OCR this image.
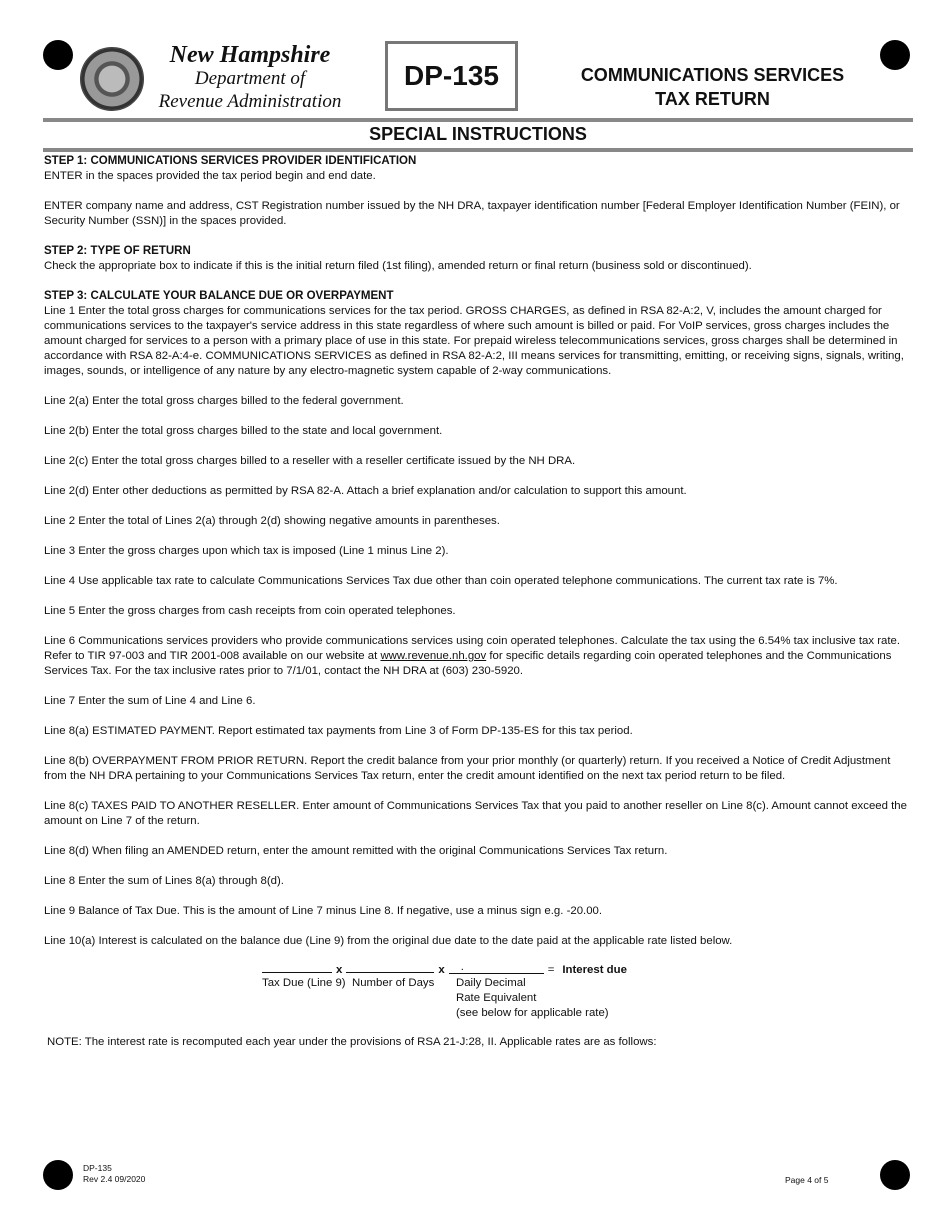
New Hampshire
Department of
Revenue Administration
DP-135	COMMUNICATIONS SERVICES
TAX RETURN
SPECIAL INSTRUCTIONS
STEP 1: COMMUNICATIONS SERVICES PROVIDER IDENTIFICATION

ENTER in the spaces provided the tax period begin and end date.

ENTER company name and address, CST Registration number issued by the NH DRA, taxpayer identification number [Federal Employer Identification Number (FEIN), or Security Number (SSN)] in the spaces provided.

STEP 2: TYPE OF RETURN

Check the appropriate box to indicate if this is the initial return filed (1st filing), amended return or final return (business sold or discontinued).

STEP 3: CALCULATE YOUR BALANCE DUE OR OVERPAYMENT

Line 1 Enter the total gross charges for communications services for the tax period. GROSS CHARGES, as defined in RSA 82-A:2, V, includes the amount charged for communications services to the taxpayer's service address in this state regardless of where such amount is billed or paid. For VoIP services, gross charges includes the amount charged for services to a person with a primary place of use in this state. For prepaid wireless telecommunications services, gross charges shall be determined in accordance with RSA 82-A:4-e. COMMUNICATIONS SERVICES as defined in RSA 82-A:2, III means services for transmitting, emitting, or receiving signs, signals, writing, images, sounds, or intelligence of any nature by any electro-magnetic system capable of 2-way communications.

Line 2(a) Enter the total gross charges billed to the federal government.

Line 2(b) Enter the total gross charges billed to the state and local government.

Line 2(c) Enter the total gross charges billed to a reseller with a reseller certificate issued by the NH DRA.

Line 2(d) Enter other deductions as permitted by RSA 82-A. Attach a brief explanation and/or calculation to support this amount.

Line 2 Enter the total of Lines 2(a) through 2(d) showing negative amounts in parentheses.

Line 3 Enter the gross charges upon which tax is imposed (Line 1 minus Line 2).

Line 4 Use applicable tax rate to calculate Communications Services Tax due other than coin operated telephone communications. The current tax rate is 7%.

Line 5 Enter the gross charges from cash receipts from coin operated telephones.

Line 6 Communications services providers who provide communications services using coin operated telephones. Calculate the tax using the 6.54% tax inclusive tax rate. Refer to TIR 97-003 and TIR 2001-008 available on our website at www.revenue.nh.gov for specific details regarding coin operated telephones and the Communications Services Tax. For the tax inclusive rates prior to 7/1/01, contact the NH DRA at (603) 230-5920.

Line 7 Enter the sum of Line 4 and Line 6.

Line 8(a) ESTIMATED PAYMENT. Report estimated tax payments from Line 3 of Form DP-135-ES for this tax period.

Line 8(b) OVERPAYMENT FROM PRIOR RETURN. Report the credit balance from your prior monthly (or quarterly) return. If you received a Notice of Credit Adjustment from the NH DRA pertaining to your Communications Services Tax return, enter the credit amount identified on the next tax period return to be filed.

Line 8(c) TAXES PAID TO ANOTHER RESELLER. Enter amount of Communications Services Tax that you paid to another reseller on Line 8(c). Amount cannot exceed the amount on Line 7 of the return.

Line 8(d) When filing an AMENDED return, enter the amount remitted with the original Communications Services Tax return.

Line 8 Enter the sum of Lines 8(a) through 8(d).

Line 9 Balance of Tax Due. This is the amount of Line 7 minus Line 8. If negative, use a minus sign e.g. -20.00.

Line 10(a) Interest is calculated on the balance due (Line 9) from the original due date to the date paid at the applicable rate listed below.

x	x .	= Interest due
Tax Due (Line 9) Number of Days Daily Decimal
Rate Equivalent
(see below for applicable rate)
NOTE: The interest rate is recomputed each year under the provisions of RSA 21-J:28, II. Applicable rates are as follows:
DP-135
Rev 2.4 09/2020	Page 4 of 5
